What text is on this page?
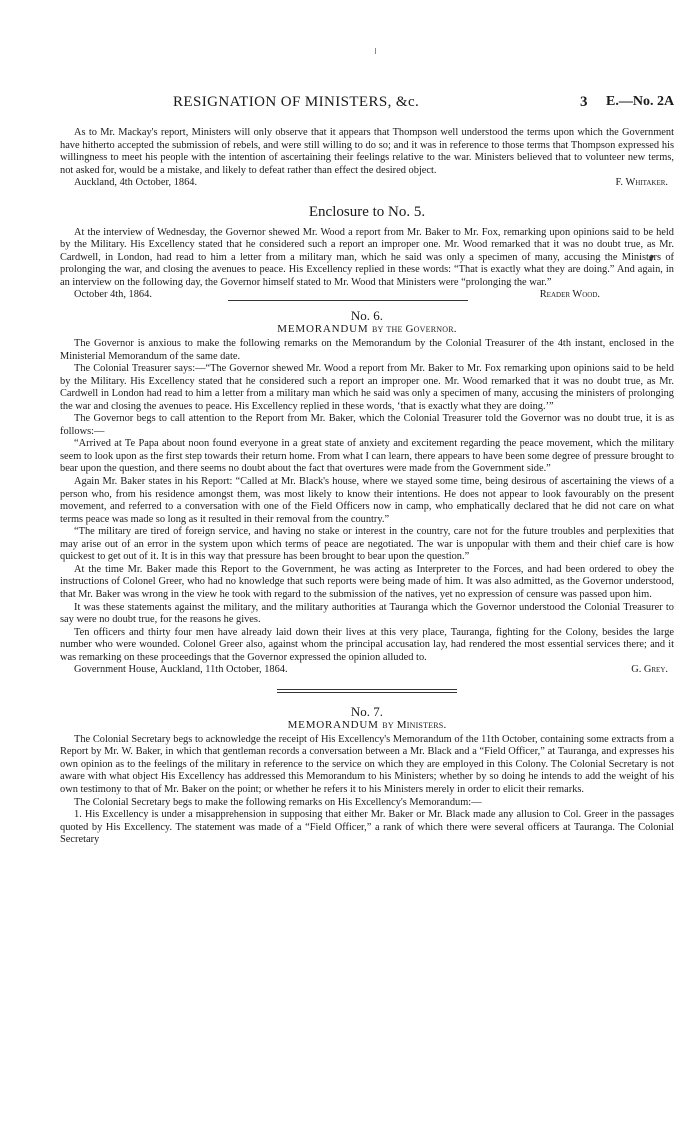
RESIGNATION OF MINISTERS, &c.	3 E.—No. 2A

As to Mr. Mackay's report, Ministers will only observe that it appears that Thompson well understood the terms upon which the Government have hitherto accepted the submission of rebels, and were still willing to do so; and it was in reference to those terms that Thompson expressed his willingness to meet his people with the intention of ascertaining their feelings relative to the war. Ministers believed that to volunteer new terms, not asked for, would be a mistake, and likely to defeat rather than effect the desired object.

Auckland, 4th October, 1864.	F. Whitaker.
Enclosure to No. 5.

At the interview of Wednesday, the Governor shewed Mr. Wood a report from Mr. Baker to Mr. Fox, remarking upon opinions said to be held by the Military. His Excellency stated that he considered such a report an improper one. Mr. Wood remarked that it was no doubt true, as Mr. Cardwell, in London, had read to him a letter from a military man, which he said was only a specimen of many, accusing the Ministers of prolonging the war, and closing the avenues to peace. His Excellency replied in these words: “That is exactly what they are doing.” And again, in an interview on the following day, the Governor himself stated to Mr. Wood that Ministers were “prolonging the war.”

October 4th, 1864.	Reader Wood.
No. 6.
MEMORANDUM by the Governor.

The Governor is anxious to make the following remarks on the Memorandum by the Colonial Treasurer of the 4th instant, enclosed in the Ministerial Memorandum of the same date.

The Colonial Treasurer says:—“The Governor shewed Mr. Wood a report from Mr. Baker to Mr. Fox remarking upon opinions said to be held by the Military. His Excellency stated that he considered such a report an improper one. Mr. Wood remarked that it was no doubt true, as Mr. Cardwell in London had read to him a letter from a military man which he said was only a specimen of many, accusing the ministers of prolonging the war and closing the avenues to peace. His Excellency replied in these words, ‘that is exactly what they are doing.’”

The Governor begs to call attention to the Report from Mr. Baker, which the Colonial Treasurer told the Governor was no doubt true, it is as follows:—

“Arrived at Te Papa about noon found everyone in a great state of anxiety and excitement regarding the peace movement, which the military seem to look upon as the first step towards their return home. From what I can learn, there appears to have been some degree of pressure brought to bear upon the question, and there seems no doubt about the fact that overtures were made from the Government side.”

Again Mr. Baker states in his Report: “Called at Mr. Black's house, where we stayed some time, being desirous of ascertaining the views of a person who, from his residence amongst them, was most likely to know their intentions. He does not appear to look favourably on the present movement, and referred to a conversation with one of the Field Officers now in camp, who emphatically declared that he did not care on what terms peace was made so long as it resulted in their removal from the country.”

“The military are tired of foreign service, and having no stake or interest in the country, care not for the future troubles and perplexities that may arise out of an error in the system upon which terms of peace are negotiated. The war is unpopular with them and their chief care is how quickest to get out of it. It is in this way that pressure has been brought to bear upon the question.”

At the time Mr. Baker made this Report to the Government, he was acting as Interpreter to the Forces, and had been ordered to obey the instructions of Colonel Greer, who had no knowledge that such reports were being made of him. It was also admitted, as the Governor understood, that Mr. Baker was wrong in the view he took with regard to the submission of the natives, yet no expression of censure was passed upon him.

It was these statements against the military, and the military authorities at Tauranga which the Governor understood the Colonial Treasurer to say were no doubt true, for the reasons he gives.

Ten officers and thirty four men have already laid down their lives at this very place, Tauranga, fighting for the Colony, besides the large number who were wounded. Colonel Greer also, against whom the principal accusation lay, had rendered the most essential services there; and it was remarking on these proceedings that the Governor expressed the opinion alluded to.

Government House, Auckland, 11th October, 1864.	G. Grey.
No. 7.
MEMORANDUM by Ministers.

The Colonial Secretary begs to acknowledge the receipt of His Excellency's Memorandum of the 11th October, containing some extracts from a Report by Mr. W. Baker, in which that gentleman records a conversation between a Mr. Black and a “Field Officer,” at Tauranga, and expresses his own opinion as to the feelings of the military in reference to the service on which they are employed in this Colony. The Colonial Secretary is not aware with what object His Excellency has addressed this Memorandum to his Ministers; whether by so doing he intends to add the weight of his own testimony to that of Mr. Baker on the point; or whether he refers it to his Ministers merely in order to elicit their remarks.

The Colonial Secretary begs to make the following remarks on His Excellency's Memorandum:—

1. His Excellency is under a misapprehension in supposing that either Mr. Baker or Mr. Black made any allusion to Col. Greer in the passages quoted by His Excellency. The statement was made of a “Field Officer,” a rank of which there were several officers at Tauranga. The Colonial Secretary
